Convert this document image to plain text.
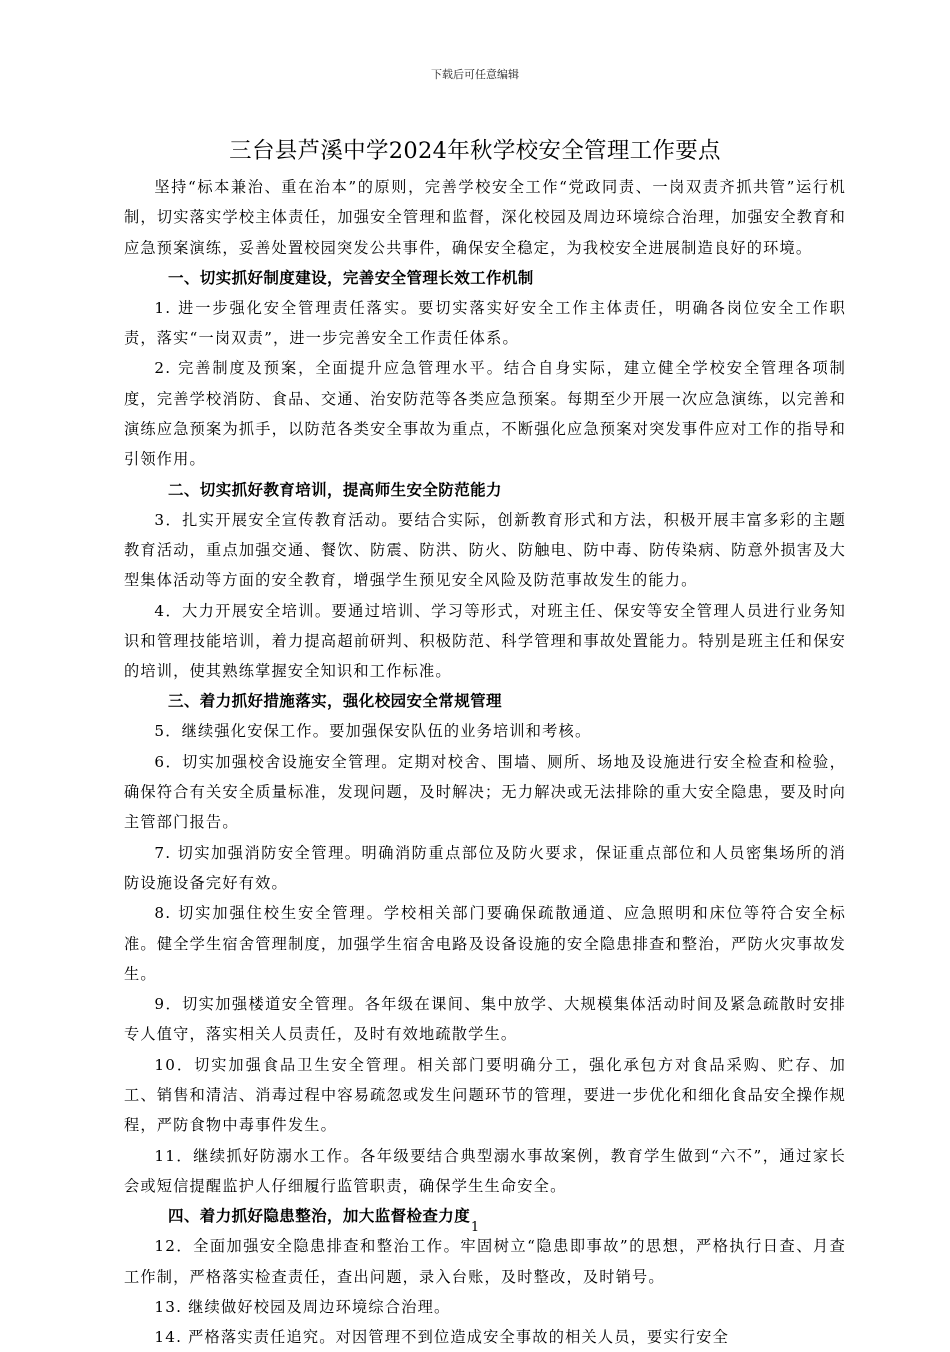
下载后可任意编辑
三台县芦溪中学2024年秋学校安全管理工作要点

坚持“标本兼治、重在治本”的原则，完善学校安全工作“党政同责、一岗双责齐抓共管”运行机制，切实落实学校主体责任，加强安全管理和监督，深化校园及周边环境综合治理，加强安全教育和应急预案演练，妥善处置校园突发公共事件，确保安全稳定，为我校安全进展制造良好的环境。

一、切实抓好制度建设，完善安全管理长效工作机制

1. 进一步强化安全管理责任落实。要切实落实好安全工作主体责任，明确各岗位安全工作职责，落实“一岗双责”，进一步完善安全工作责任体系。

2. 完善制度及预案，全面提升应急管理水平。结合自身实际，建立健全学校安全管理各项制度，完善学校消防、食品、交通、治安防范等各类应急预案。每期至少开展一次应急演练，以完善和演练应急预案为抓手，以防范各类安全事故为重点，不断强化应急预案对突发事件应对工作的指导和引领作用。

二、切实抓好教育培训，提高师生安全防范能力

3．扎实开展安全宣传教育活动。要结合实际，创新教育形式和方法，积极开展丰富多彩的主题教育活动，重点加强交通、餐饮、防震、防洪、防火、防触电、防中毒、防传染病、防意外损害及大型集体活动等方面的安全教育，增强学生预见安全风险及防范事故发生的能力。

4．大力开展安全培训。要通过培训、学习等形式，对班主任、保安等安全管理人员进行业务知识和管理技能培训，着力提高超前研判、积极防范、科学管理和事故处置能力。特别是班主任和保安的培训，使其熟练掌握安全知识和工作标准。

三、着力抓好措施落实，强化校园安全常规管理

5．继续强化安保工作。要加强保安队伍的业务培训和考核。

6．切实加强校舍设施安全管理。定期对校舍、围墙、厕所、场地及设施进行安全检查和检验，确保符合有关安全质量标准，发现问题，及时解决；无力解决或无法排除的重大安全隐患，要及时向主管部门报告。

7. 切实加强消防安全管理。明确消防重点部位及防火要求，保证重点部位和人员密集场所的消防设施设备完好有效。

8. 切实加强住校生安全管理。学校相关部门要确保疏散通道、应急照明和床位等符合安全标准。健全学生宿舍管理制度，加强学生宿舍电路及设备设施的安全隐患排查和整治，严防火灾事故发生。

9．切实加强楼道安全管理。各年级在课间、集中放学、大规模集体活动时间及紧急疏散时安排专人值守，落实相关人员责任，及时有效地疏散学生。

10．切实加强食品卫生安全管理。相关部门要明确分工，强化承包方对食品采购、贮存、加工、销售和清洁、消毒过程中容易疏忽或发生问题环节的管理，要进一步优化和细化食品安全操作规程，严防食物中毒事件发生。

11．继续抓好防溺水工作。各年级要结合典型溺水事故案例，教育学生做到“六不”，通过家长会或短信提醒监护人仔细履行监管职责，确保学生生命安全。

四、着力抓好隐患整治，加大监督检查力度

12．全面加强安全隐患排查和整治工作。牢固树立“隐患即事故”的思想，严格执行日查、月查工作制，严格落实检查责任，查出问题，录入台账，及时整改，及时销号。

13. 继续做好校园及周边环境综合治理。

14. 严格落实责任追究。对因管理不到位造成安全事故的相关人员，要实行安全

1
